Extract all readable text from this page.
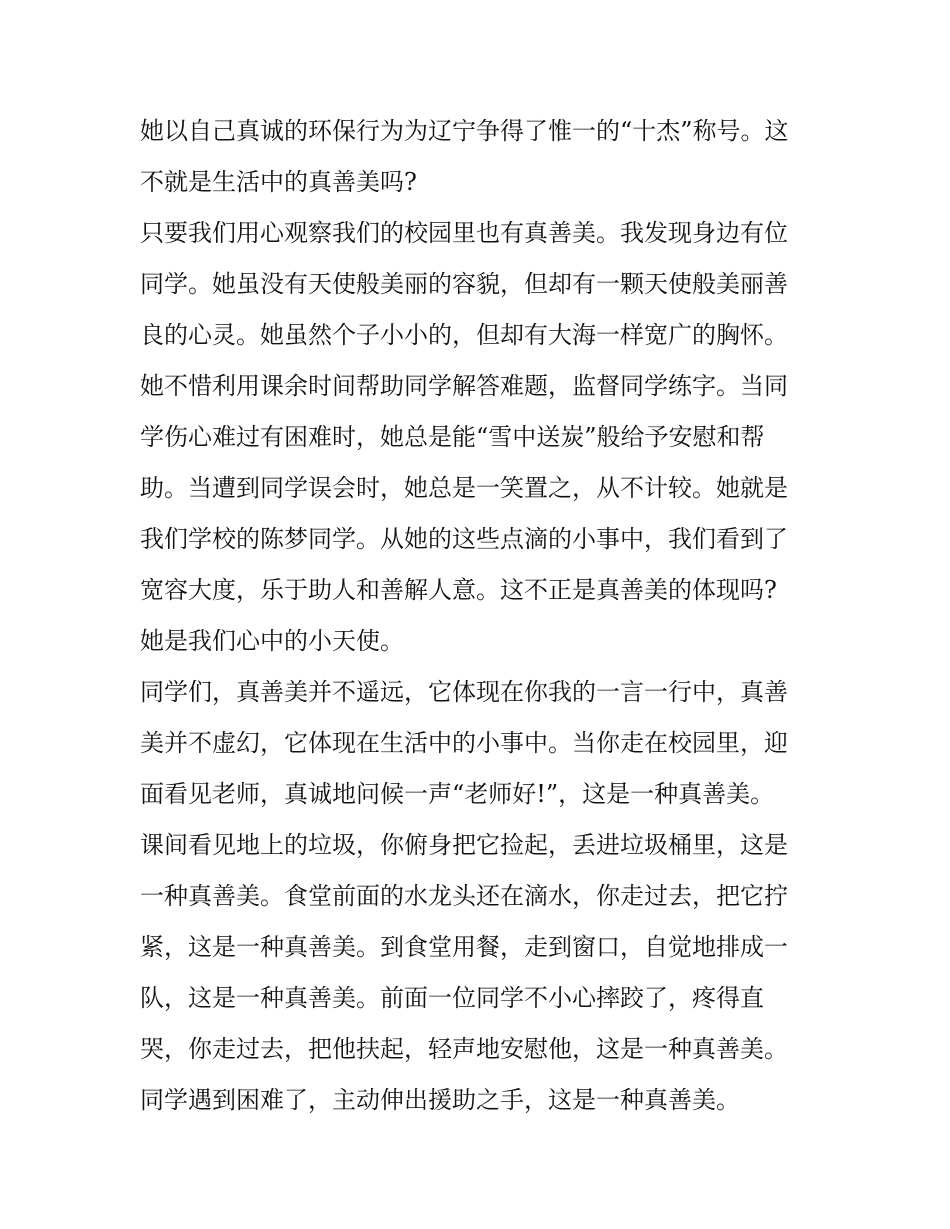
她以自己真诚的环保行为为辽宁争得了惟一的“十杰”称号。这
不就是生活中的真善美吗?
只要我们用心观察我们的校园里也有真善美。我发现身边有位
同学。她虽没有天使般美丽的容貌，但却有一颗天使般美丽善
良的心灵。她虽然个子小小的，但却有大海一样宽广的胸怀。
她不惜利用课余时间帮助同学解答难题，监督同学练字。当同
学伤心难过有困难时，她总是能“雪中送炭”般给予安慰和帮
助。当遭到同学误会时，她总是一笑置之，从不计较。她就是
我们学校的陈梦同学。从她的这些点滴的小事中，我们看到了
宽容大度，乐于助人和善解人意。这不正是真善美的体现吗?
她是我们心中的小天使。
同学们，真善美并不遥远，它体现在你我的一言一行中，真善
美并不虚幻，它体现在生活中的小事中。当你走在校园里，迎
面看见老师，真诚地问候一声“老师好!”，这是一种真善美。
课间看见地上的垃圾，你俯身把它捡起，丢进垃圾桶里，这是
一种真善美。食堂前面的水龙头还在滴水，你走过去，把它拧
紧，这是一种真善美。到食堂用餐，走到窗口，自觉地排成一
队，这是一种真善美。前面一位同学不小心摔跤了，疼得直
哭，你走过去，把他扶起，轻声地安慰他，这是一种真善美。
同学遇到困难了，主动伸出援助之手，这是一种真善美。
